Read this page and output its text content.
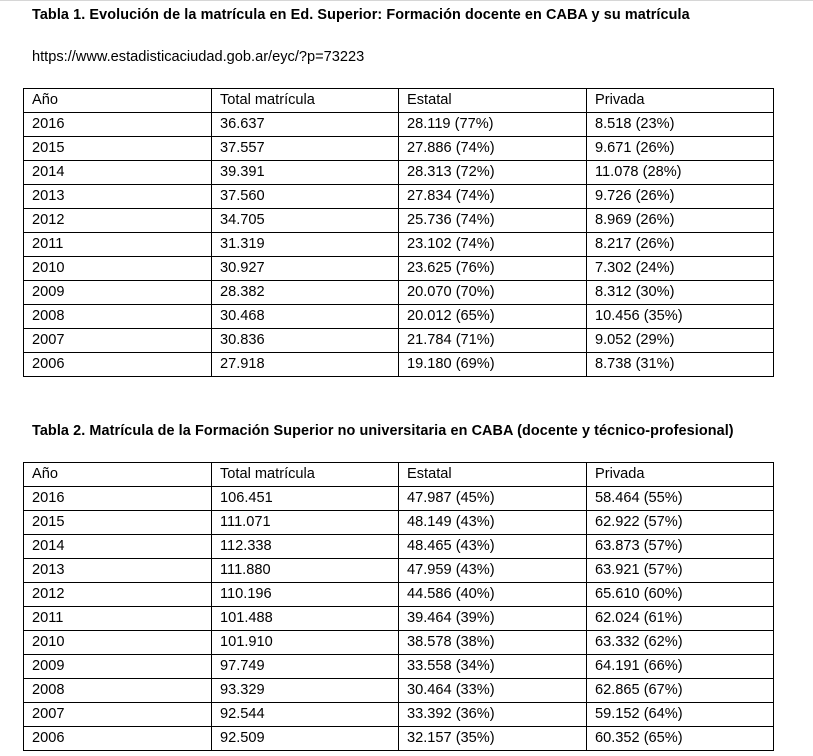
Tabla 1. Evolución de la matrícula en Ed. Superior: Formación docente en CABA y su matrícula
https://www.estadisticaciudad.gob.ar/eyc/?p=73223
Año	Total matrícula	Estatal	Privada
2016	36.637	28.119 (77%)	8.518 (23%)
2015	37.557	27.886 (74%)	9.671 (26%)
2014	39.391	28.313 (72%)	11.078 (28%)
2013	37.560	27.834 (74%)	9.726 (26%)
2012	34.705	25.736 (74%)	8.969 (26%)
2011	31.319	23.102 (74%)	8.217 (26%)
2010	30.927	23.625 (76%)	7.302 (24%)
2009	28.382	20.070 (70%)	8.312 (30%)
2008	30.468	20.012 (65%)	10.456 (35%)
2007	30.836	21.784 (71%)	9.052 (29%)
2006	27.918	19.180 (69%)	8.738 (31%)
Tabla 2. Matrícula de la Formación Superior no universitaria en CABA (docente y técnico-profesional)
Año	Total matrícula	Estatal	Privada
2016	106.451	47.987 (45%)	58.464 (55%)
2015	111.071	48.149 (43%)	62.922 (57%)
2014	112.338	48.465 (43%)	63.873 (57%)
2013	111.880	47.959 (43%)	63.921 (57%)
2012	110.196	44.586 (40%)	65.610 (60%)
2011	101.488	39.464 (39%)	62.024 (61%)
2010	101.910	38.578 (38%)	63.332 (62%)
2009	97.749	33.558 (34%)	64.191 (66%)
2008	93.329	30.464 (33%)	62.865 (67%)
2007	92.544	33.392 (36%)	59.152 (64%)
2006	92.509	32.157 (35%)	60.352 (65%)
